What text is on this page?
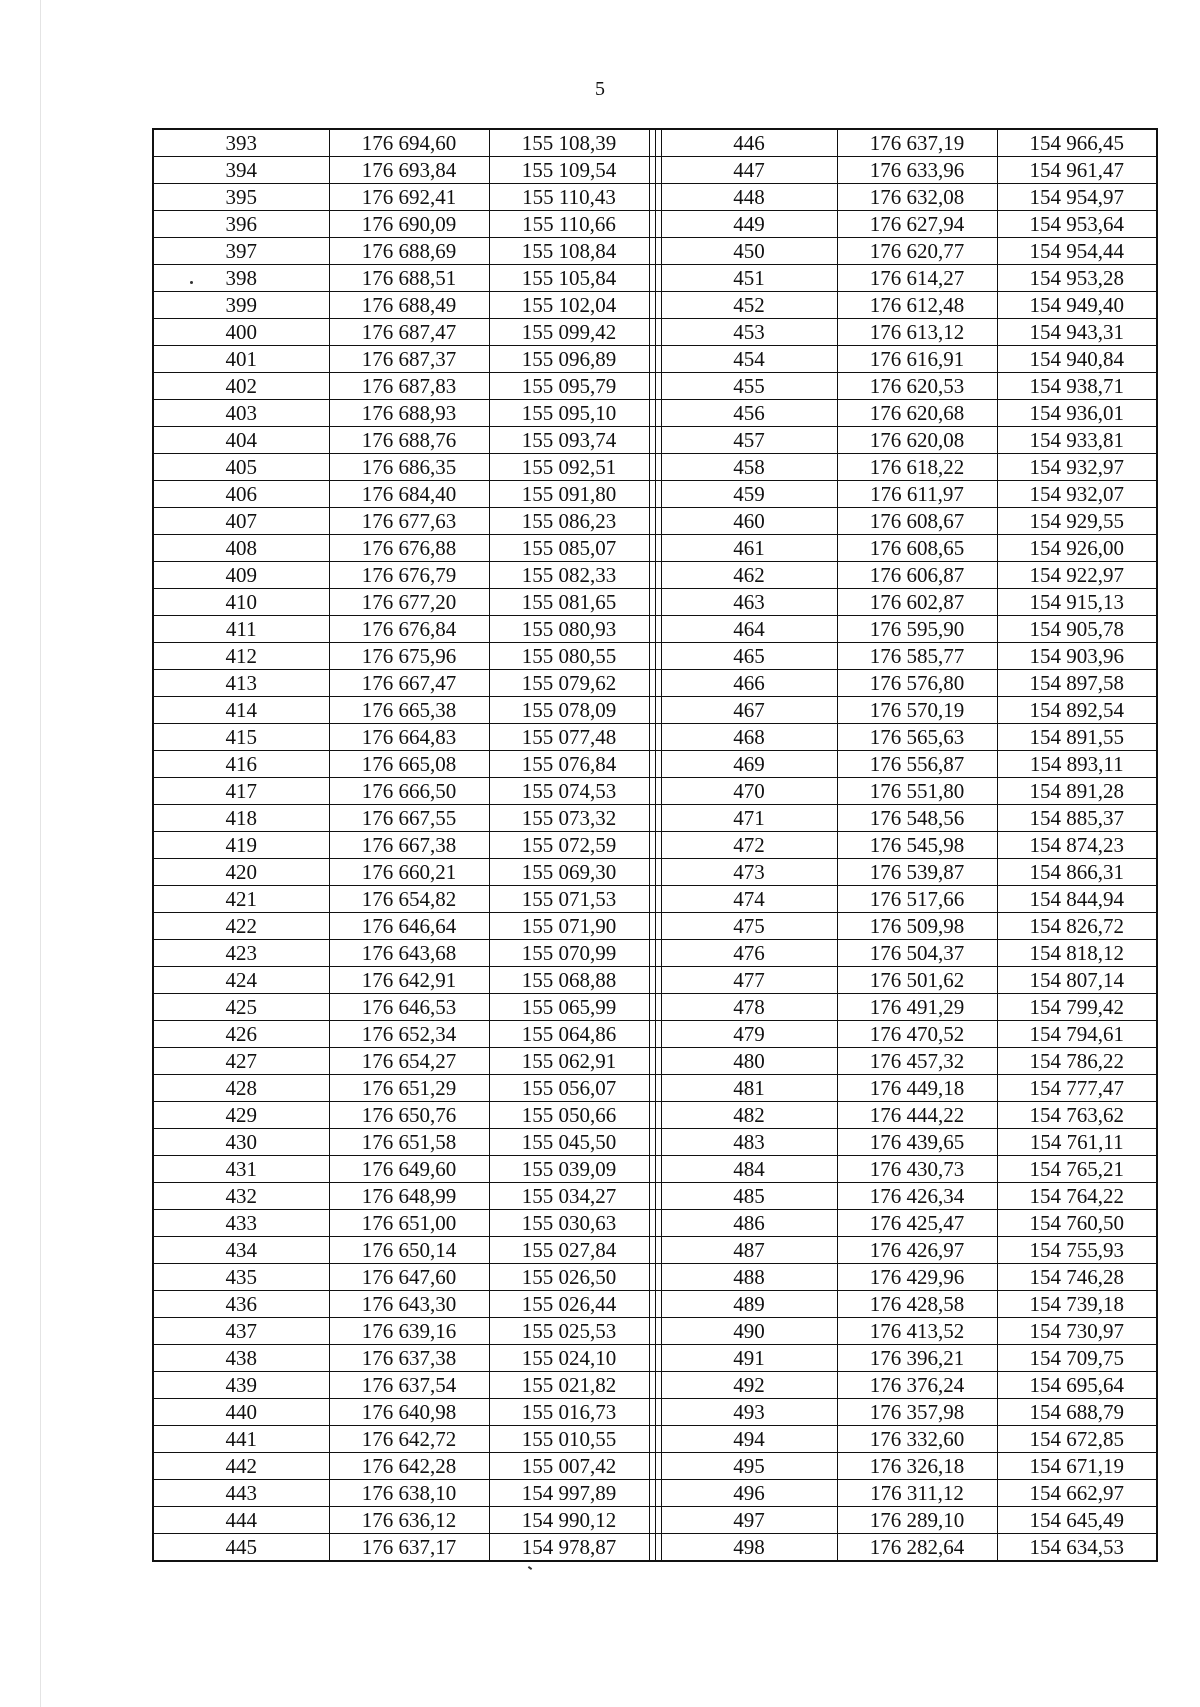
5
393	176 694,60	155 108,39			446	176 637,19	154 966,45
394	176 693,84	155 109,54			447	176 633,96	154 961,47
395	176 692,41	155 110,43			448	176 632,08	154 954,97
396	176 690,09	155 110,66			449	176 627,94	154 953,64
397	176 688,69	155 108,84			450	176 620,77	154 954,44
398	176 688,51	155 105,84			451	176 614,27	154 953,28
399	176 688,49	155 102,04			452	176 612,48	154 949,40
400	176 687,47	155 099,42			453	176 613,12	154 943,31
401	176 687,37	155 096,89			454	176 616,91	154 940,84
402	176 687,83	155 095,79			455	176 620,53	154 938,71
403	176 688,93	155 095,10			456	176 620,68	154 936,01
404	176 688,76	155 093,74			457	176 620,08	154 933,81
405	176 686,35	155 092,51			458	176 618,22	154 932,97
406	176 684,40	155 091,80			459	176 611,97	154 932,07
407	176 677,63	155 086,23			460	176 608,67	154 929,55
408	176 676,88	155 085,07			461	176 608,65	154 926,00
409	176 676,79	155 082,33			462	176 606,87	154 922,97
410	176 677,20	155 081,65			463	176 602,87	154 915,13
411	176 676,84	155 080,93			464	176 595,90	154 905,78
412	176 675,96	155 080,55			465	176 585,77	154 903,96
413	176 667,47	155 079,62			466	176 576,80	154 897,58
414	176 665,38	155 078,09			467	176 570,19	154 892,54
415	176 664,83	155 077,48			468	176 565,63	154 891,55
416	176 665,08	155 076,84			469	176 556,87	154 893,11
417	176 666,50	155 074,53			470	176 551,80	154 891,28
418	176 667,55	155 073,32			471	176 548,56	154 885,37
419	176 667,38	155 072,59			472	176 545,98	154 874,23
420	176 660,21	155 069,30			473	176 539,87	154 866,31
421	176 654,82	155 071,53			474	176 517,66	154 844,94
422	176 646,64	155 071,90			475	176 509,98	154 826,72
423	176 643,68	155 070,99			476	176 504,37	154 818,12
424	176 642,91	155 068,88			477	176 501,62	154 807,14
425	176 646,53	155 065,99			478	176 491,29	154 799,42
426	176 652,34	155 064,86			479	176 470,52	154 794,61
427	176 654,27	155 062,91			480	176 457,32	154 786,22
428	176 651,29	155 056,07			481	176 449,18	154 777,47
429	176 650,76	155 050,66			482	176 444,22	154 763,62
430	176 651,58	155 045,50			483	176 439,65	154 761,11
431	176 649,60	155 039,09			484	176 430,73	154 765,21
432	176 648,99	155 034,27			485	176 426,34	154 764,22
433	176 651,00	155 030,63			486	176 425,47	154 760,50
434	176 650,14	155 027,84			487	176 426,97	154 755,93
435	176 647,60	155 026,50			488	176 429,96	154 746,28
436	176 643,30	155 026,44			489	176 428,58	154 739,18
437	176 639,16	155 025,53			490	176 413,52	154 730,97
438	176 637,38	155 024,10			491	176 396,21	154 709,75
439	176 637,54	155 021,82			492	176 376,24	154 695,64
440	176 640,98	155 016,73			493	176 357,98	154 688,79
441	176 642,72	155 010,55			494	176 332,60	154 672,85
442	176 642,28	155 007,42			495	176 326,18	154 671,19
443	176 638,10	154 997,89			496	176 311,12	154 662,97
444	176 636,12	154 990,12			497	176 289,10	154 645,49
445	176 637,17	154 978,87			498	176 282,64	154 634,53
